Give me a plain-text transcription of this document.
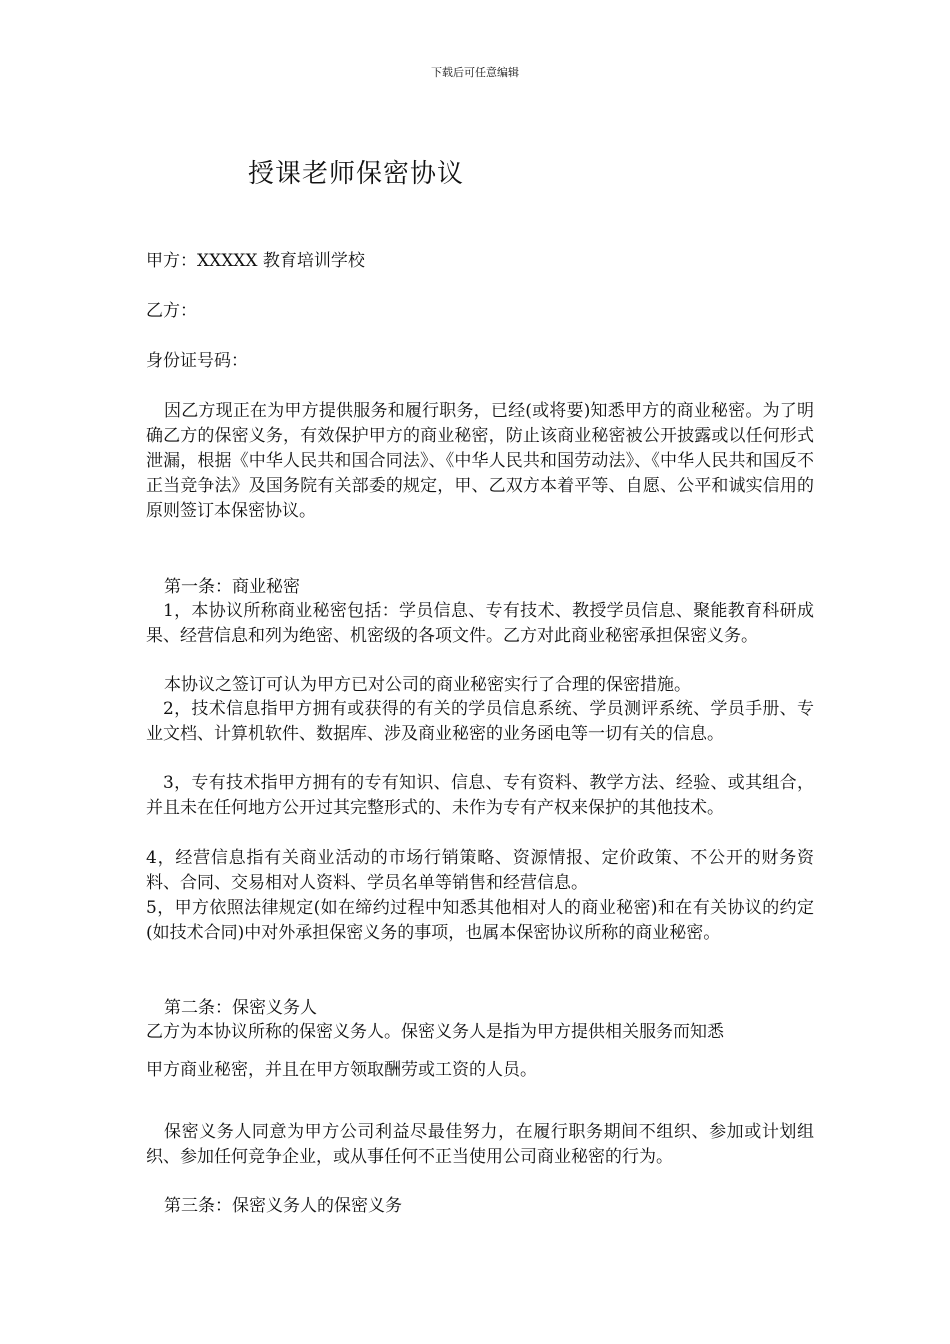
下载后可任意编辑
授课老师保密协议
甲方：XXXXX 教育培训学校
乙方：
身份证号码：
因乙方现正在为甲方提供服务和履行职务，已经(或将要)知悉甲方的商业秘密。为了明确乙方的保密义务，有效保护甲方的商业秘密，防止该商业秘密被公开披露或以任何形式泄漏，根据《中华人民共和国合同法》、《中华人民共和国劳动法》、《中华人民共和国反不正当竞争法》及国务院有关部委的规定，甲、乙双方本着平等、自愿、公平和诚实信用的原则签订本保密协议。
第一条：商业秘密
1，本协议所称商业秘密包括：学员信息、专有技术、教授学员信息、聚能教育科研成果、经营信息和列为绝密、机密级的各项文件。乙方对此商业秘密承担保密义务。
本协议之签订可认为甲方已对公司的商业秘密实行了合理的保密措施。
2，技术信息指甲方拥有或获得的有关的学员信息系统、学员测评系统、学员手册、专业文档、计算机软件、数据库、涉及商业秘密的业务函电等一切有关的信息。
3，专有技术指甲方拥有的专有知识、信息、专有资料、教学方法、经验、或其组合，并且未在任何地方公开过其完整形式的、未作为专有产权来保护的其他技术。
4，经营信息指有关商业活动的市场行销策略、资源情报、定价政策、不公开的财务资料、合同、交易相对人资料、学员名单等销售和经营信息。
5，甲方依照法律规定(如在缔约过程中知悉其他相对人的商业秘密)和在有关协议的约定(如技术合同)中对外承担保密义务的事项，也属本保密协议所称的商业秘密。
第二条：保密义务人
乙方为本协议所称的保密义务人。保密义务人是指为甲方提供相关服务而知悉
甲方商业秘密，并且在甲方领取酬劳或工资的人员。
保密义务人同意为甲方公司利益尽最佳努力，在履行职务期间不组织、参加或计划组织、参加任何竞争企业，或从事任何不正当使用公司商业秘密的行为。
第三条：保密义务人的保密义务
